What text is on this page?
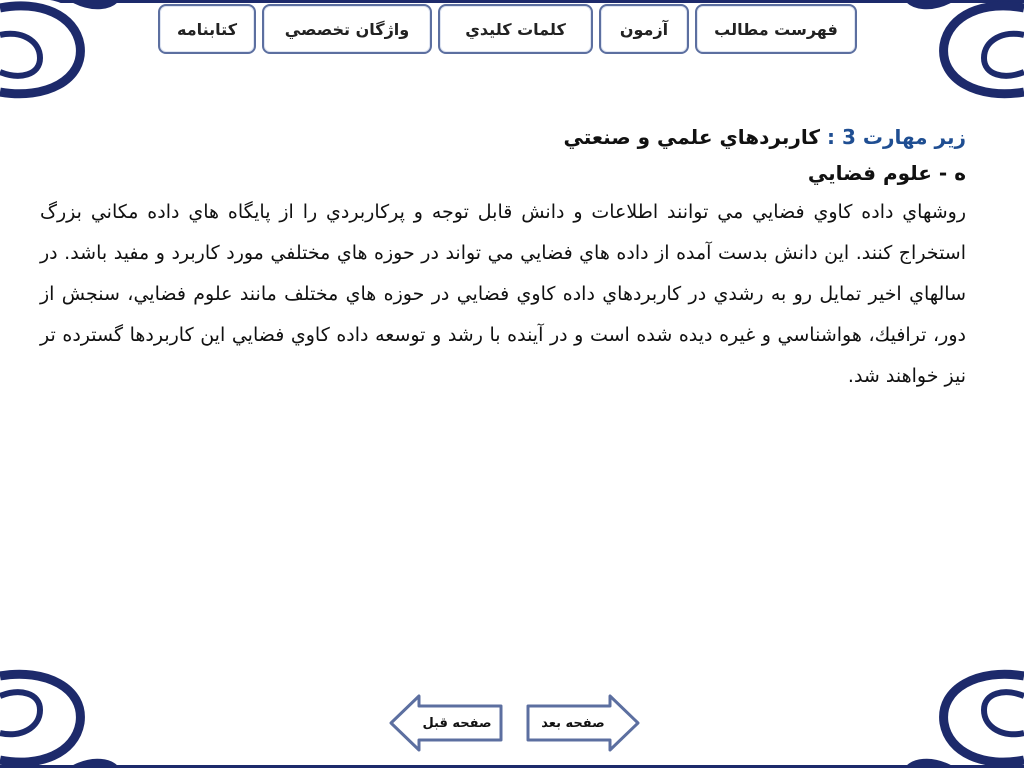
فهرست مطالب
آزمون
كلمات كليدي
واژگان تخصصي
كتابنامه

زير مهارت 3 : كاربردهاي علمي و صنعتي

ه - علوم فضايي

روشهاي داده كاوي فضايي مي توانند اطلاعات و دانش قابل توجه و پركاربردي را از پايگاه هاي داده مكاني بزرگ استخراج كنند. اين دانش بدست آمده از داده هاي فضايي مي تواند در حوزه هاي مختلفي مورد كاربرد و مفيد باشد. در سالهاي اخير تمايل رو به رشدي در كاربردهاي داده كاوي فضايي در حوزه هاي مختلف مانند علوم فضايي، سنجش از دور، ترافيك، هواشناسي و غيره ديده شده است و در آينده با رشد و توسعه داده كاوي فضايي اين كاربردها گسترده تر نيز خواهند شد.

صفحه قبل	صفحه بعد
